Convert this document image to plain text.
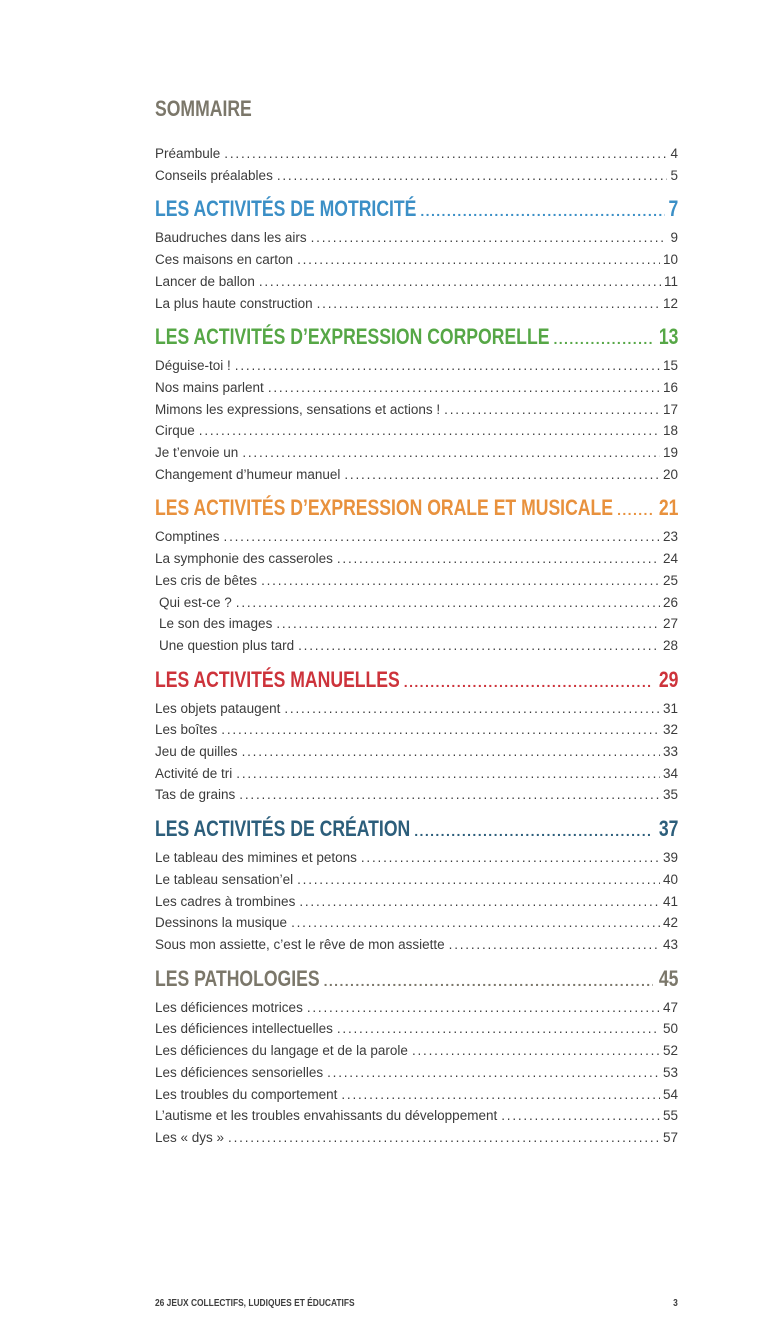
SOMMAIRE
Préambule .....	4
Conseils préalables .....	5
LES ACTIVITÉS DE MOTRICITÉ .....	7
Baudruches dans les airs .....	9
Ces maisons en carton .....	10
Lancer de ballon .....	11
La plus haute construction .....	12
LES ACTIVITÉS D’EXPRESSION CORPORELLE .....	13
Déguise-toi ! .....	15
Nos mains parlent .....	16
Mimons les expressions, sensations et actions ! .....	17
Cirque .....	18
Je t’envoie un .....	19
Changement d’humeur manuel .....	20
LES ACTIVITÉS D’EXPRESSION ORALE ET MUSICALE ..... 21
Comptines .....	23
La symphonie des casseroles .....	24
Les cris de bêtes .....	25
Qui est-ce ? .....	26
Le son des images .....	27
Une question plus tard .....	28
LES ACTIVITÉS MANUELLES .....	29
Les objets pataugent .....	31
Les boîtes .....	32
Jeu de quilles .....	33
Activité de tri .....	34
Tas de grains .....	35
LES ACTIVITÉS DE CRÉATION .....	37
Le tableau des mimines et petons .....	39
Le tableau sensation’el .....	40
Les cadres à trombines .....	41
Dessinons la musique .....	42
Sous mon assiette, c’est le rêve de mon assiette .....	43
LES PATHOLOGIES .....	45
Les déficiences motrices .....	47
Les déficiences intellectuelles .....	50
Les déficiences du langage et de la parole .....	52
Les déficiences sensorielles .....	53
Les troubles du comportement .....	54
L’autisme et les troubles envahissants du développement .....	55
Les « dys » .....	57
26 JEUX COLLECTIFS, LUDIQUES ET ÉDUCATIFS	3
